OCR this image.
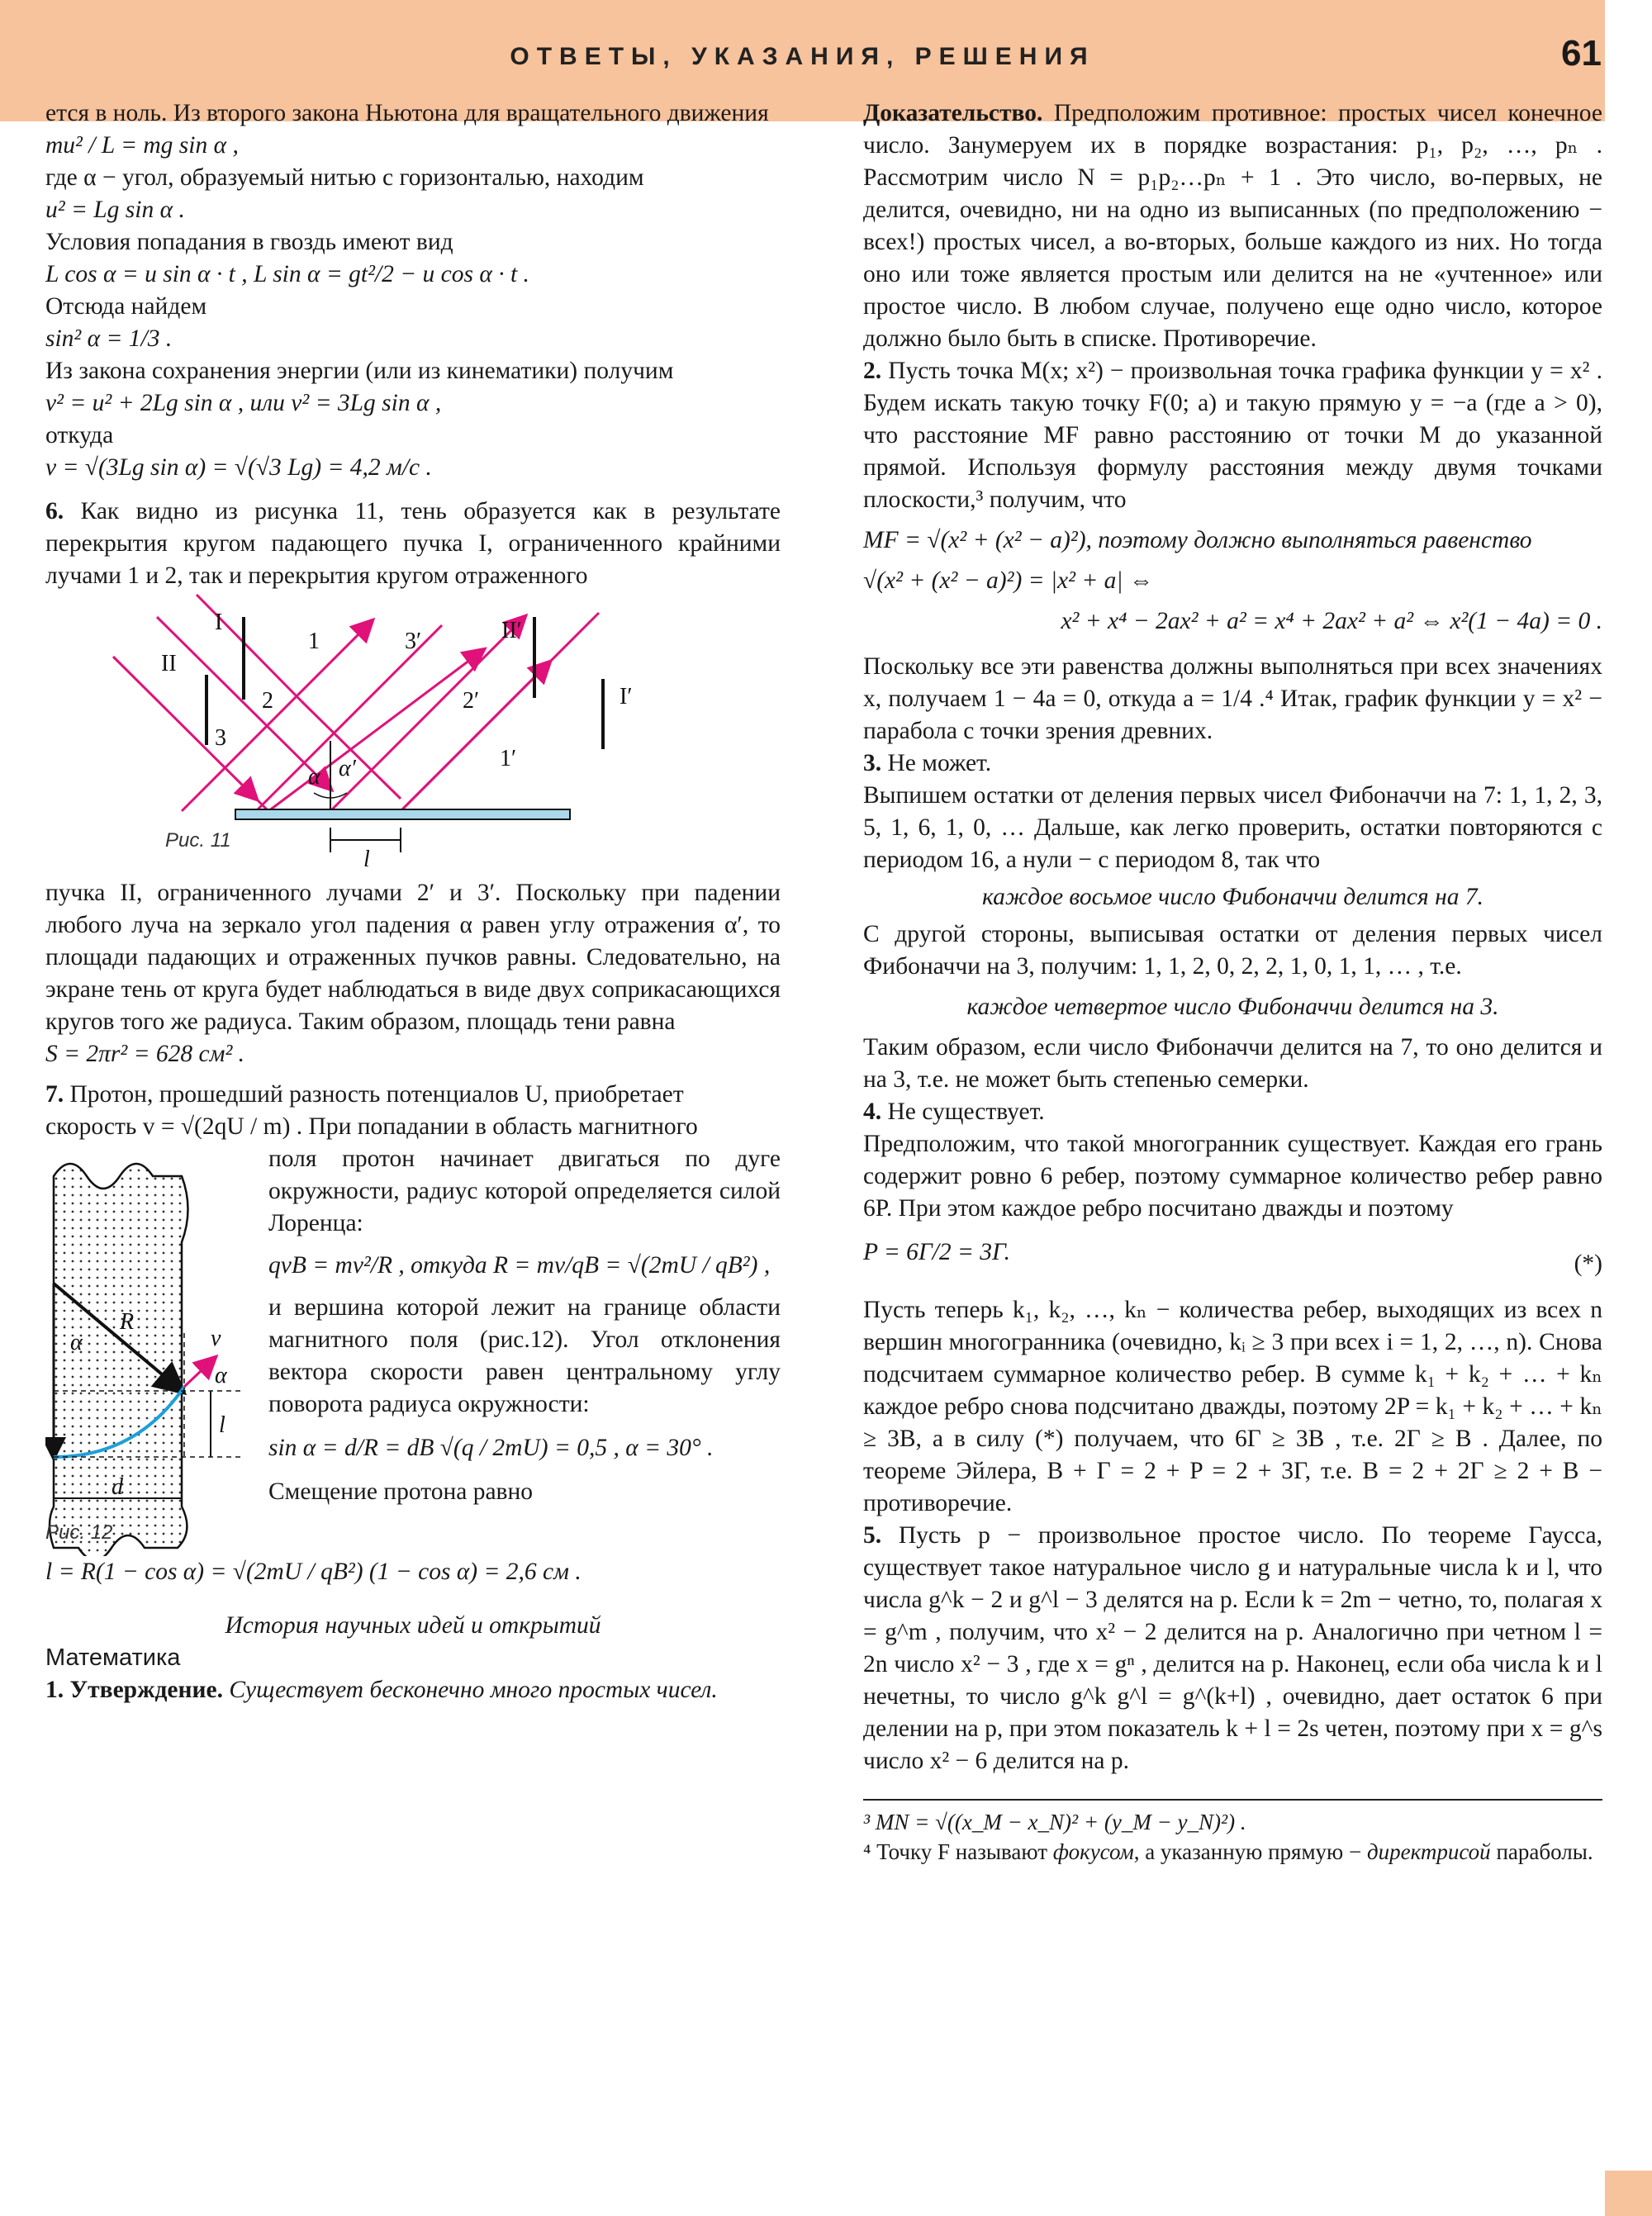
ОТВЕТЫ, УКАЗАНИЯ, РЕШЕНИЯ	61

ется в ноль. Из второго закона Ньютона для вращательного движения

mu² / L = mg sin α ,

где α − угол, образуемый нитью с горизонталью, находим

u² = Lg sin α .

Условия попадания в гвоздь имеют вид

L cos α = u sin α · t , L sin α = gt²/2 − u cos α · t .

Отсюда найдем

sin² α = 1/3 .

Из закона сохранения энергии (или из кинематики) получим

v² = u² + 2Lg sin α , или v² = 3Lg sin α ,

откуда

v = √(3Lg sin α) = √(√3 Lg) = 4,2 м/с .

6. Как видно из рисунка 11, тень образуется как в результате перекрытия кругом падающего пучка I, ограниченного крайними лучами 1 и 2, так и перекрытия кругом отраженного

I
II
1
2
3
3′	II′
2′	I′
1′
α α′
l
Рис. 11

пучка II, ограниченного лучами 2′ и 3′. Поскольку при падении любого луча на зеркало угол падения α равен углу отражения α′, то площади падающих и отраженных пучков равны. Следовательно, на экране тень от круга будет наблюдаться в виде двух соприкасающихся кругов того же радиуса. Таким образом, площадь тени равна

S = 2πr² = 628 см² .

7. Протон, прошедший разность потенциалов U, приобретает

скорость v = √(2qU / m) . При попадании в область магнитного

R
α	v
α
l
d
Рис. 12

поля протон начинает двигаться по дуге окружности, радиус которой определяется силой Лоренца:

qvB = mv²/R , откуда R = mv/qB = √(2mU / qB²) ,

и вершина которой лежит на границе области магнитного поля (рис.12). Угол отклонения вектора скорости равен центральному углу поворота радиуса окружности:

sin α = d/R = dB √(q / 2mU) = 0,5 , α = 30° .

Смещение протона равно

l = R(1 − cos α) = √(2mU / qB²) (1 − cos α) = 2,6 см .

История научных идей и открытий

Математика

1. Утверждение. Существует бесконечно много простых чисел.

Доказательство. Предположим противное: простых чисел конечное число. Занумеруем их в порядке возрастания: p₁, p₂, …, pₙ . Рассмотрим число N = p₁p₂…pₙ + 1 . Это число, во-первых, не делится, очевидно, ни на одно из выписанных (по предположению − всех!) простых чисел, а во-вторых, больше каждого из них. Но тогда оно или тоже является простым или делится на не «учтенное» или простое число. В любом случае, получено еще одно число, которое должно было быть в списке. Противоречие.

2. Пусть точка M(x; x²) − произвольная точка графика функции y = x² . Будем искать такую точку F(0; a) и такую прямую y = −a (где a > 0), что расстояние MF равно расстоянию от точки M до указанной прямой. Используя формулу расстояния между двумя точками плоскости,³ получим, что

MF = √(x² + (x² − a)²), поэтому должно выполняться равенство

√(x² + (x² − a)²) = |x² + a| ⇔

x² + x⁴ − 2ax² + a² = x⁴ + 2ax² + a² ⇔ x²(1 − 4a) = 0 .

Поскольку все эти равенства должны выполняться при всех значениях x, получаем 1 − 4a = 0, откуда a = 1/4 .⁴ Итак, график функции y = x² − парабола с точки зрения древних.

3. Не может.

Выпишем остатки от деления первых чисел Фибоначчи на 7: 1, 1, 2, 3, 5, 1, 6, 1, 0, … Дальше, как легко проверить, остатки повторяются с периодом 16, а нули − с периодом 8, так что

каждое восьмое число Фибоначчи делится на 7.

С другой стороны, выписывая остатки от деления первых чисел Фибоначчи на 3, получим: 1, 1, 2, 0, 2, 2, 1, 0, 1, 1, … , т.е.

каждое четвертое число Фибоначчи делится на 3.

Таким образом, если число Фибоначчи делится на 7, то оно делится и на 3, т.е. не может быть степенью семерки.

4. Не существует.

Предположим, что такой многогранник существует. Каждая его грань содержит ровно 6 ребер, поэтому суммарное количество ребер равно 6P. При этом каждое ребро посчитано дважды и поэтому

P = 6Г/2 = 3Г.	(*)

Пусть теперь k₁, k₂, …, kₙ − количества ребер, выходящих из всех n вершин многогранника (очевидно, kᵢ ≥ 3 при всех i = 1, 2, …, n). Снова подсчитаем суммарное количество ребер. В сумме k₁ + k₂ + … + kₙ каждое ребро снова подсчитано дважды, поэтому 2P = k₁ + k₂ + … + kₙ ≥ 3B, а в силу (*) получаем, что 6Г ≥ 3B , т.е. 2Г ≥ B . Далее, по теореме Эйлера, B + Г = 2 + P = 2 + 3Г, т.е. B = 2 + 2Г ≥ 2 + B − противоречие.

5. Пусть p − произвольное простое число. По теореме Гаусса, существует такое натуральное число g и натуральные числа k и l, что числа g^k − 2 и g^l − 3 делятся на p. Если k = 2m − четно, то, полагая x = g^m , получим, что x² − 2 делится на p. Аналогично при четном l = 2n число x² − 3 , где x = gⁿ , делится на p. Наконец, если оба числа k и l нечетны, то число g^k g^l = g^(k+l) , очевидно, дает остаток 6 при делении на p, при этом показатель k + l = 2s четен, поэтому при x = g^s число x² − 6 делится на p.

³ MN = √((x_M − x_N)² + (y_M − y_N)²) .

⁴ Точку F называют фокусом, а указанную прямую − директрисой параболы.
